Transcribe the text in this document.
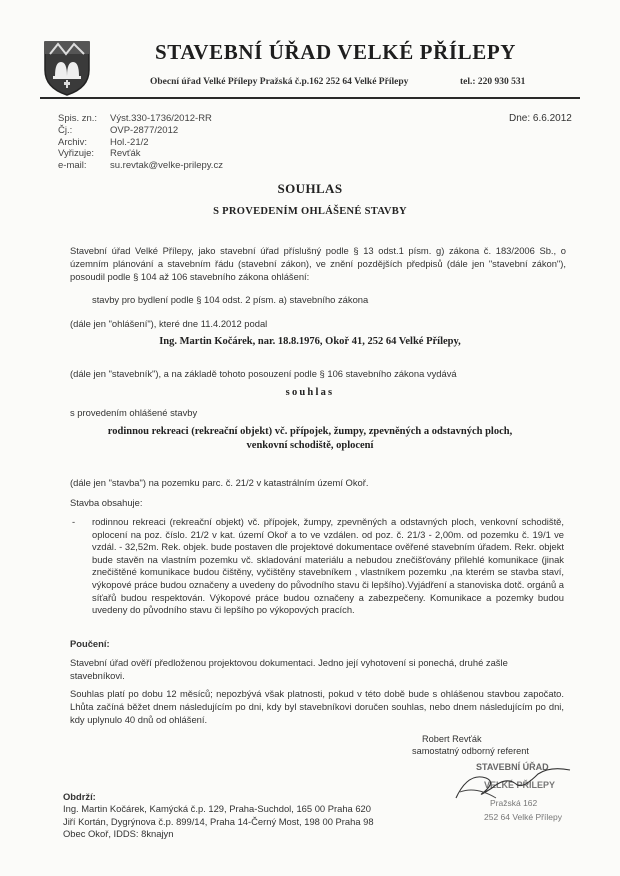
STAVEBNÍ ÚŘAD VELKÉ PŘÍLEPY
Obecní úřad Velké Přílepy Pražská č.p.162 252 64 Velké Přílepy	tel.: 220 930 531
Spis. zn.: Výst.330-1736/2012-RR
Čj.:	OVP-2877/2012
Archiv: Hol.-21/2
Vyřizuje: Revťák
e-mail: su.revtak@velke-prilepy.cz
Dne: 6.6.2012
SOUHLAS
S PROVEDENÍM OHLÁŠENÉ STAVBY
Stavební úřad Velké Přílepy, jako stavební úřad příslušný podle § 13 odst.1 písm. g) zákona č. 183/2006 Sb., o územním plánování a stavebním řádu (stavební zákon), ve znění pozdějších předpisů (dále jen "stavební zákon"), posoudil podle § 104 až 106 stavebního zákona ohlášení:
stavby pro bydlení podle § 104 odst. 2 písm. a) stavebního zákona
(dále jen "ohlášení"), které dne 11.4.2012 podal
Ing. Martin Kočárek, nar. 18.8.1976, Okoř 41, 252 64 Velké Přílepy,
(dále jen "stavebník"), a na základě tohoto posouzení podle § 106 stavebního zákona vydává
souhlas
s provedením ohlášené stavby
rodinnou rekreaci (rekreační objekt) vč. přípojek, žumpy, zpevněných a odstavných ploch,
venkovní schodiště, oplocení
(dále jen "stavba") na pozemku parc. č. 21/2 v katastrálním území Okoř.
Stavba obsahuje:
- rodinnou rekreaci (rekreační objekt) vč. přípojek, žumpy, zpevněných a odstavných ploch, venkovní schodiště, oplocení na poz. číslo. 21/2 v kat. území Okoř a to ve vzdálen. od poz. č. 21/3 - 2,00m. od pozemku č. 19/1 ve vzdál. - 32,52m. Rek. objek. bude postaven dle projektové dokumentace ověřené stavebním úřadem. Rekr. objekt bude stavěn na vlastním pozemku vč. skladování materiálu a nebudou znečišťovány přilehlé komunikace (jinak znečištěné komunikace budou čištěny, vyčištěny stavebníkem , vlastníkem pozemku ,na kterém se stavba staví, výkopové práce budou označeny a uvedeny do původního stavu či lepšího).Vyjádření a stanoviska dotč. orgánů a síťařů budou respektován. Výkopové práce budou označeny a zabezpečeny. Komunikace a pozemky budou uvedeny do původního stavu či lepšího po výkopových pracích.
Poučení:
Stavební úřad ověří předloženou projektovou dokumentaci. Jedno její vyhotovení si ponechá, druhé zašle stavebníkovi.
Souhlas platí po dobu 12 měsíců; nepozbývá však platnosti, pokud v této době bude s ohlášenou stavbou započato. Lhůta začíná běžet dnem následujícím po dni, kdy byl stavebníkovi doručen souhlas, nebo dnem následujícím po dni, kdy uplynulo 40 dnů od ohlášení.
Robert Revťák
samostatný odborný referent
Obdrží:
Ing. Martin Kočárek, Kamýcká č.p. 129, Praha-Suchdol, 165 00 Praha 620
Jiří Kortán, Dygrýnova č.p. 899/14, Praha 14-Černý Most, 198 00 Praha 98
Obec Okoř, IDDS: 8knajyn
STAVEBNÍ ÚŘAD
VELKÉ PŘÍLEPY
Pražská 162
252 64 Velké Přílepy
